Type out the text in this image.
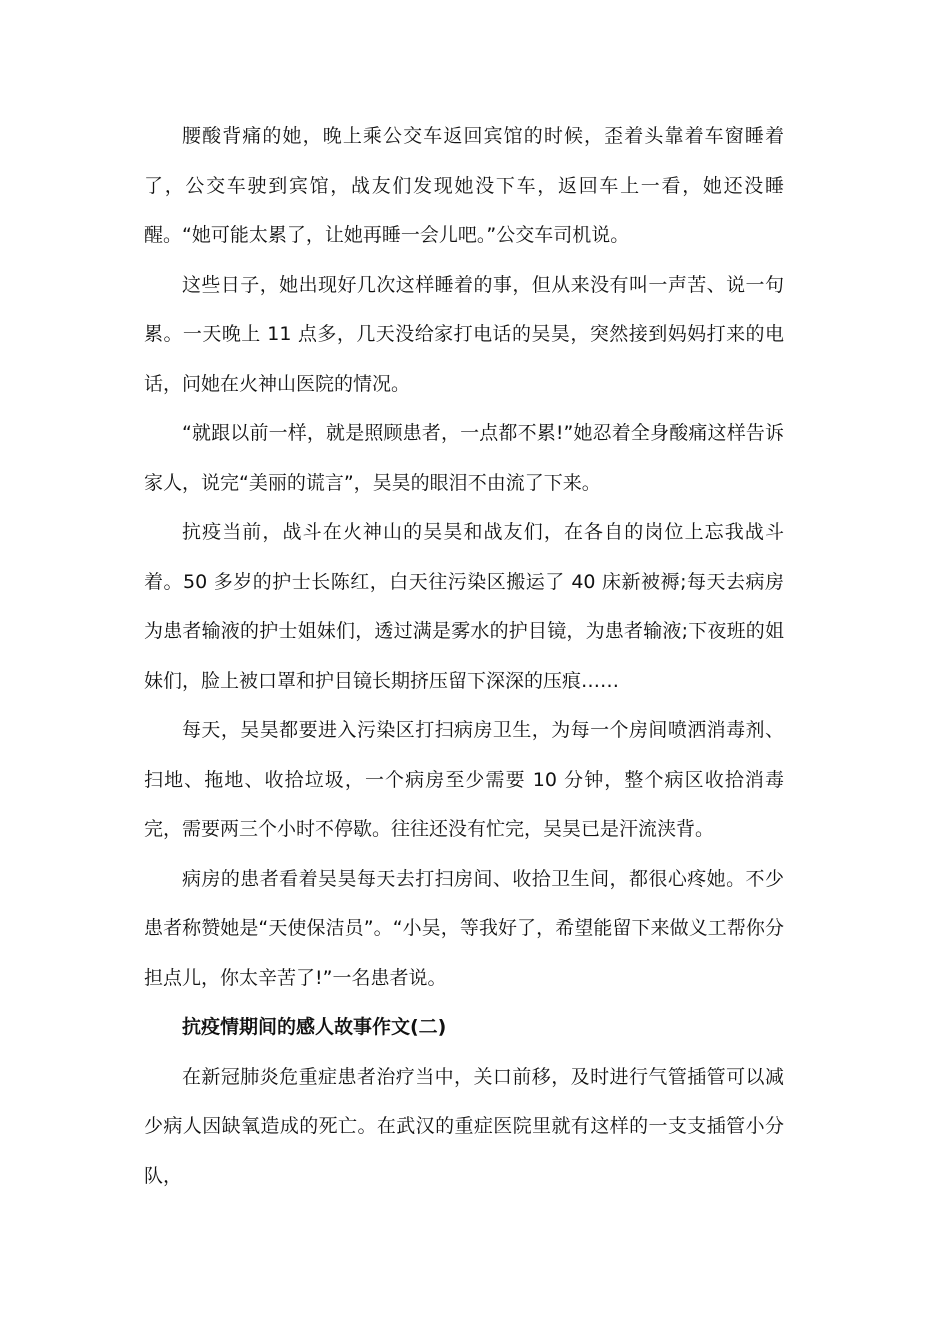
腰酸背痛的她，晚上乘公交车返回宾馆的时候，歪着头靠着车窗睡着了，公交车驶到宾馆，战友们发现她没下车，返回车上一看，她还没睡醒。“她可能太累了，让她再睡一会儿吧。”公交车司机说。

这些日子，她出现好几次这样睡着的事，但从来没有叫一声苦、说一句累。一天晚上 11 点多，几天没给家打电话的吴昊，突然接到妈妈打来的电话，问她在火神山医院的情况。

“就跟以前一样，就是照顾患者，一点都不累!”她忍着全身酸痛这样告诉家人，说完“美丽的谎言”，吴昊的眼泪不由流了下来。

抗疫当前，战斗在火神山的吴昊和战友们，在各自的岗位上忘我战斗着。50 多岁的护士长陈红，白天往污染区搬运了 40 床新被褥;每天去病房为患者输液的护士姐妹们，透过满是雾水的护目镜，为患者输液;下夜班的姐妹们，脸上被口罩和护目镜长期挤压留下深深的压痕……

每天，吴昊都要进入污染区打扫病房卫生，为每一个房间喷洒消毒剂、扫地、拖地、收拾垃圾，一个病房至少需要 10 分钟，整个病区收拾消毒完，需要两三个小时不停歇。往往还没有忙完，吴昊已是汗流浃背。

病房的患者看着吴昊每天去打扫房间、收拾卫生间，都很心疼她。不少患者称赞她是“天使保洁员”。“小吴，等我好了，希望能留下来做义工帮你分担点儿，你太辛苦了!”一名患者说。

抗疫情期间的感人故事作文(二)

在新冠肺炎危重症患者治疗当中，关口前移，及时进行气管插管可以减少病人因缺氧造成的死亡。在武汉的重症医院里就有这样的一支支插管小分队，
